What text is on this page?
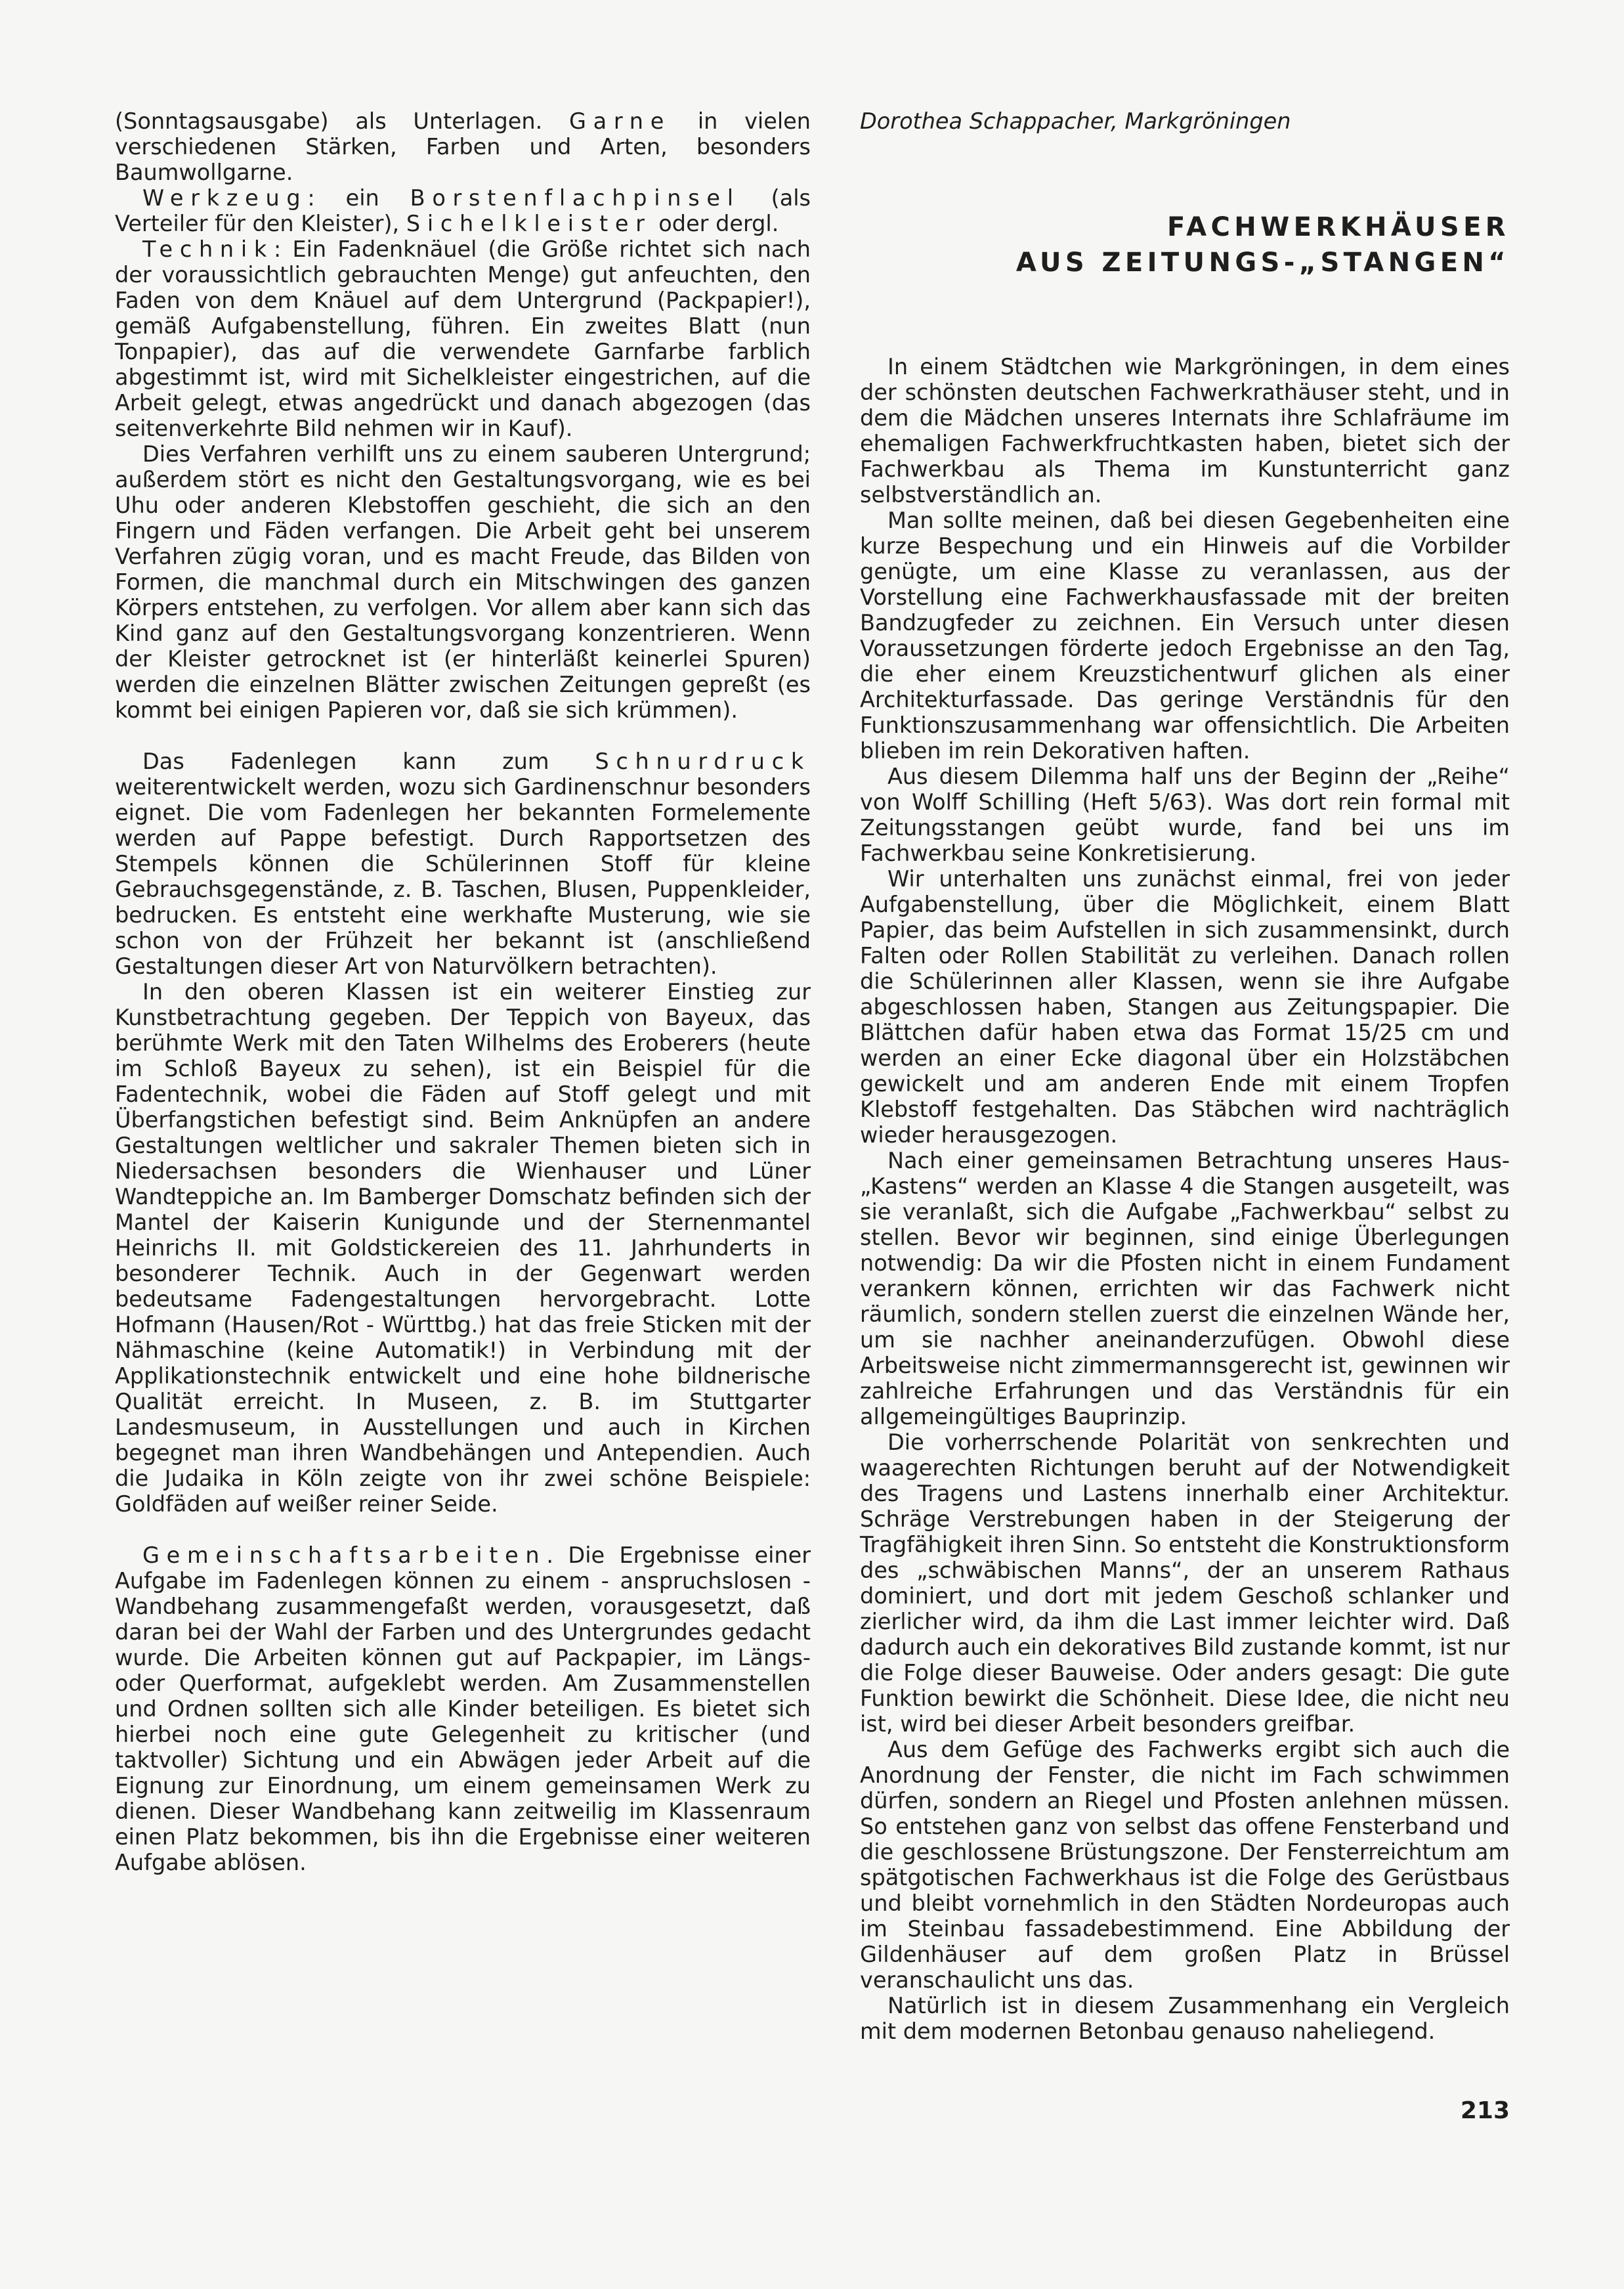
(Sonntagsausgabe) als Unterlagen. Garne in vielen verschiedenen Stärken, Farben und Arten, besonders Baumwollgarne.

Werkzeug: ein Borstenflachpinsel (als Verteiler für den Kleister), Sichelkleister oder dergl.

Technik: Ein Fadenknäuel (die Größe richtet sich nach der voraussichtlich gebrauchten Menge) gut anfeuchten, den Faden von dem Knäuel auf dem Untergrund (Packpapier!), gemäß Aufgabenstellung, führen. Ein zweites Blatt (nun Tonpapier), das auf die verwendete Garnfarbe farblich abgestimmt ist, wird mit Sichelkleister eingestrichen, auf die Arbeit gelegt, etwas angedrückt und danach abgezogen (das seitenverkehrte Bild nehmen wir in Kauf).

Dies Verfahren verhilft uns zu einem sauberen Untergrund; außerdem stört es nicht den Gestaltungsvorgang, wie es bei Uhu oder anderen Klebstoffen geschieht, die sich an den Fingern und Fäden verfangen. Die Arbeit geht bei unserem Verfahren zügig voran, und es macht Freude, das Bilden von Formen, die manchmal durch ein Mitschwingen des ganzen Körpers entstehen, zu verfolgen. Vor allem aber kann sich das Kind ganz auf den Gestaltungsvorgang konzentrieren. Wenn der Kleister getrocknet ist (er hinterläßt keinerlei Spuren) werden die einzelnen Blätter zwischen Zeitungen gepreßt (es kommt bei einigen Papieren vor, daß sie sich krümmen).

Das Fadenlegen kann zum Schnurdruck weiterentwickelt werden, wozu sich Gardinenschnur besonders eignet. Die vom Fadenlegen her bekannten Formelemente werden auf Pappe befestigt. Durch Rapportsetzen des Stempels können die Schülerinnen Stoff für kleine Gebrauchsgegenstände, z. B. Taschen, Blusen, Puppenkleider, bedrucken. Es entsteht eine werkhafte Musterung, wie sie schon von der Frühzeit her bekannt ist (anschließend Gestaltungen dieser Art von Naturvölkern betrachten).

In den oberen Klassen ist ein weiterer Einstieg zur Kunstbetrachtung gegeben. Der Teppich von Bayeux, das berühmte Werk mit den Taten Wilhelms des Eroberers (heute im Schloß Bayeux zu sehen), ist ein Beispiel für die Fadentechnik, wobei die Fäden auf Stoff gelegt und mit Überfangstichen befestigt sind. Beim Anknüpfen an andere Gestaltungen weltlicher und sakraler Themen bieten sich in Niedersachsen besonders die Wienhauser und Lüner Wandteppiche an. Im Bamberger Domschatz befinden sich der Mantel der Kaiserin Kunigunde und der Sternenmantel Heinrichs II. mit Goldstickereien des 11. Jahrhunderts in besonderer Technik. Auch in der Gegenwart werden bedeutsame Fadengestaltungen hervorgebracht. Lotte Hofmann (Hausen/Rot - Württbg.) hat das freie Sticken mit der Nähmaschine (keine Automatik!) in Verbindung mit der Applikationstechnik entwickelt und eine hohe bildnerische Qualität erreicht. In Museen, z. B. im Stuttgarter Landesmuseum, in Ausstellungen und auch in Kirchen begegnet man ihren Wandbehängen und Antependien. Auch die Judaika in Köln zeigte von ihr zwei schöne Beispiele: Goldfäden auf weißer reiner Seide.

Gemeinschaftsarbeiten. Die Ergebnisse einer Aufgabe im Fadenlegen können zu einem - anspruchslosen - Wandbehang zusammengefaßt werden, vorausgesetzt, daß daran bei der Wahl der Farben und des Untergrundes gedacht wurde. Die Arbeiten können gut auf Packpapier, im Längs- oder Querformat, aufgeklebt werden. Am Zusammenstellen und Ordnen sollten sich alle Kinder beteiligen. Es bietet sich hierbei noch eine gute Gelegenheit zu kritischer (und taktvoller) Sichtung und ein Abwägen jeder Arbeit auf die Eignung zur Einordnung, um einem gemeinsamen Werk zu dienen. Dieser Wandbehang kann zeitweilig im Klassenraum einen Platz bekommen, bis ihn die Ergebnisse einer weiteren Aufgabe ablösen.

Dorothea Schappacher, Markgröningen

FACHWERKHÄUSER
AUS ZEITUNGS-„STANGEN“

In einem Städtchen wie Markgröningen, in dem eines der schönsten deutschen Fachwerkrathäuser steht, und in dem die Mädchen unseres Internats ihre Schlafräume im ehemaligen Fachwerkfruchtkasten haben, bietet sich der Fachwerkbau als Thema im Kunstunterricht ganz selbstverständlich an.

Man sollte meinen, daß bei diesen Gegebenheiten eine kurze Bespechung und ein Hinweis auf die Vorbilder genügte, um eine Klasse zu veranlassen, aus der Vorstellung eine Fachwerkhausfassade mit der breiten Bandzugfeder zu zeichnen. Ein Versuch unter diesen Voraussetzungen förderte jedoch Ergebnisse an den Tag, die eher einem Kreuzstichentwurf glichen als einer Architekturfassade. Das geringe Verständnis für den Funktionszusammenhang war offensichtlich. Die Arbeiten blieben im rein Dekorativen haften.

Aus diesem Dilemma half uns der Beginn der „Reihe“ von Wolff Schilling (Heft 5/63). Was dort rein formal mit Zeitungsstangen geübt wurde, fand bei uns im Fachwerkbau seine Konkretisierung.

Wir unterhalten uns zunächst einmal, frei von jeder Aufgabenstellung, über die Möglichkeit, einem Blatt Papier, das beim Aufstellen in sich zusammensinkt, durch Falten oder Rollen Stabilität zu verleihen. Danach rollen die Schülerinnen aller Klassen, wenn sie ihre Aufgabe abgeschlossen haben, Stangen aus Zeitungspapier. Die Blättchen dafür haben etwa das Format 15/25 cm und werden an einer Ecke diagonal über ein Holzstäbchen gewickelt und am anderen Ende mit einem Tropfen Klebstoff festgehalten. Das Stäbchen wird nachträglich wieder herausgezogen.

Nach einer gemeinsamen Betrachtung unseres Haus-„Kastens“ werden an Klasse 4 die Stangen ausgeteilt, was sie veranlaßt, sich die Aufgabe „Fachwerkbau“ selbst zu stellen. Bevor wir beginnen, sind einige Überlegungen notwendig: Da wir die Pfosten nicht in einem Fundament verankern können, errichten wir das Fachwerk nicht räumlich, sondern stellen zuerst die einzelnen Wände her, um sie nachher aneinanderzufügen. Obwohl diese Arbeitsweise nicht zimmermannsgerecht ist, gewinnen wir zahlreiche Erfahrungen und das Verständnis für ein allgemeingültiges Bauprinzip.

Die vorherrschende Polarität von senkrechten und waagerechten Richtungen beruht auf der Notwendigkeit des Tragens und Lastens innerhalb einer Architektur. Schräge Verstrebungen haben in der Steigerung der Tragfähigkeit ihren Sinn. So entsteht die Konstruktionsform des „schwäbischen Manns“, der an unserem Rathaus dominiert, und dort mit jedem Geschoß schlanker und zierlicher wird, da ihm die Last immer leichter wird. Daß dadurch auch ein dekoratives Bild zustande kommt, ist nur die Folge dieser Bauweise. Oder anders gesagt: Die gute Funktion bewirkt die Schönheit. Diese Idee, die nicht neu ist, wird bei dieser Arbeit besonders greifbar.

Aus dem Gefüge des Fachwerks ergibt sich auch die Anordnung der Fenster, die nicht im Fach schwimmen dürfen, sondern an Riegel und Pfosten anlehnen müssen. So entstehen ganz von selbst das offene Fensterband und die geschlossene Brüstungszone. Der Fensterreichtum am spätgotischen Fachwerkhaus ist die Folge des Gerüstbaus und bleibt vornehmlich in den Städten Nordeuropas auch im Steinbau fassadebestimmend. Eine Abbildung der Gildenhäuser auf dem großen Platz in Brüssel veranschaulicht uns das.

Natürlich ist in diesem Zusammenhang ein Vergleich mit dem modernen Betonbau genauso naheliegend.

213
